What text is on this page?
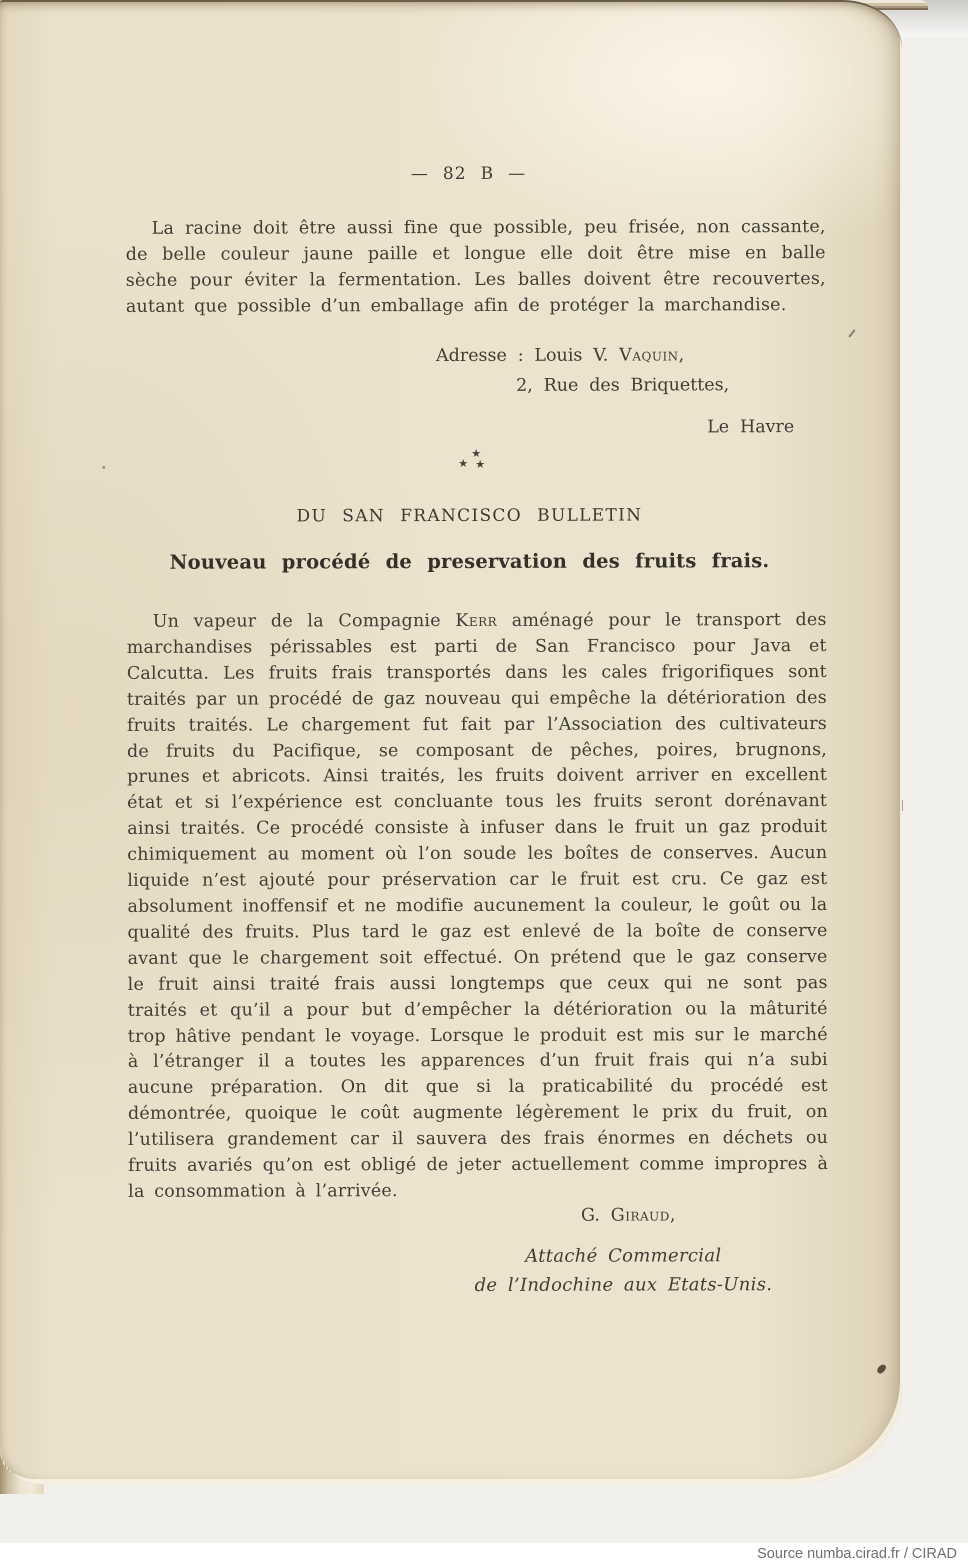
— 82 B —

La racine doit être aussi fine que possible, peu frisée, non cassante, de belle couleur jaune paille et longue elle doit être mise en balle sèche pour éviter la fermentation. Les balles doivent être recouvertes, autant que possible d’un emballage afin de protéger la marchandise.

Adresse : Louis V. Vaquin,
2, Rue des Briquettes,
Le Havre
★
★ ★
DU SAN FRANCISCO BULLETIN
Nouveau procédé de preservation des fruits frais.

Un vapeur de la Compagnie Kerr aménagé pour le transport des marchandises périssables est parti de San Francisco pour Java et Calcutta. Les fruits frais transportés dans les cales frigorifiques sont traités par un procédé de gaz nouveau qui empêche la détérioration des fruits traités. Le chargement fut fait par l’Association des cultivateurs de fruits du Pacifique, se composant de pêches, poires, brugnons, prunes et abricots. Ainsi traités, les fruits doivent arriver en excellent état et si l’expérience est concluante tous les fruits seront dorénavant ainsi traités. Ce procédé consiste à infuser dans le fruit un gaz produit chimiquement au moment où l’on soude les boîtes de conserves. Aucun liquide n’est ajouté pour préservation car le fruit est cru. Ce gaz est absolument inoffensif et ne modifie aucunement la couleur, le goût ou la qualité des fruits. Plus tard le gaz est enlevé de la boîte de conserve avant que le chargement soit effectué. On prétend que le gaz conserve le fruit ainsi traité frais aussi longtemps que ceux qui ne sont pas traités et qu’il a pour but d’empêcher la détérioration ou la mâturité trop hâtive pendant le voyage. Lorsque le produit est mis sur le marché à l’étranger il a toutes les apparences d’un fruit frais qui n’a subi aucune préparation. On dit que si la praticabilité du procédé est démontrée, quoique le coût augmente légèrement le prix du fruit, on l’utilisera grandement car il sauvera des frais énormes en déchets ou fruits avariés qu’on est obligé de jeter actuellement comme impropres à la consommation à l’arrivée.

G. Giraud,
Attaché Commercial
de l’Indochine aux Etats-Unis.
Source numba.cirad.fr / CIRAD
